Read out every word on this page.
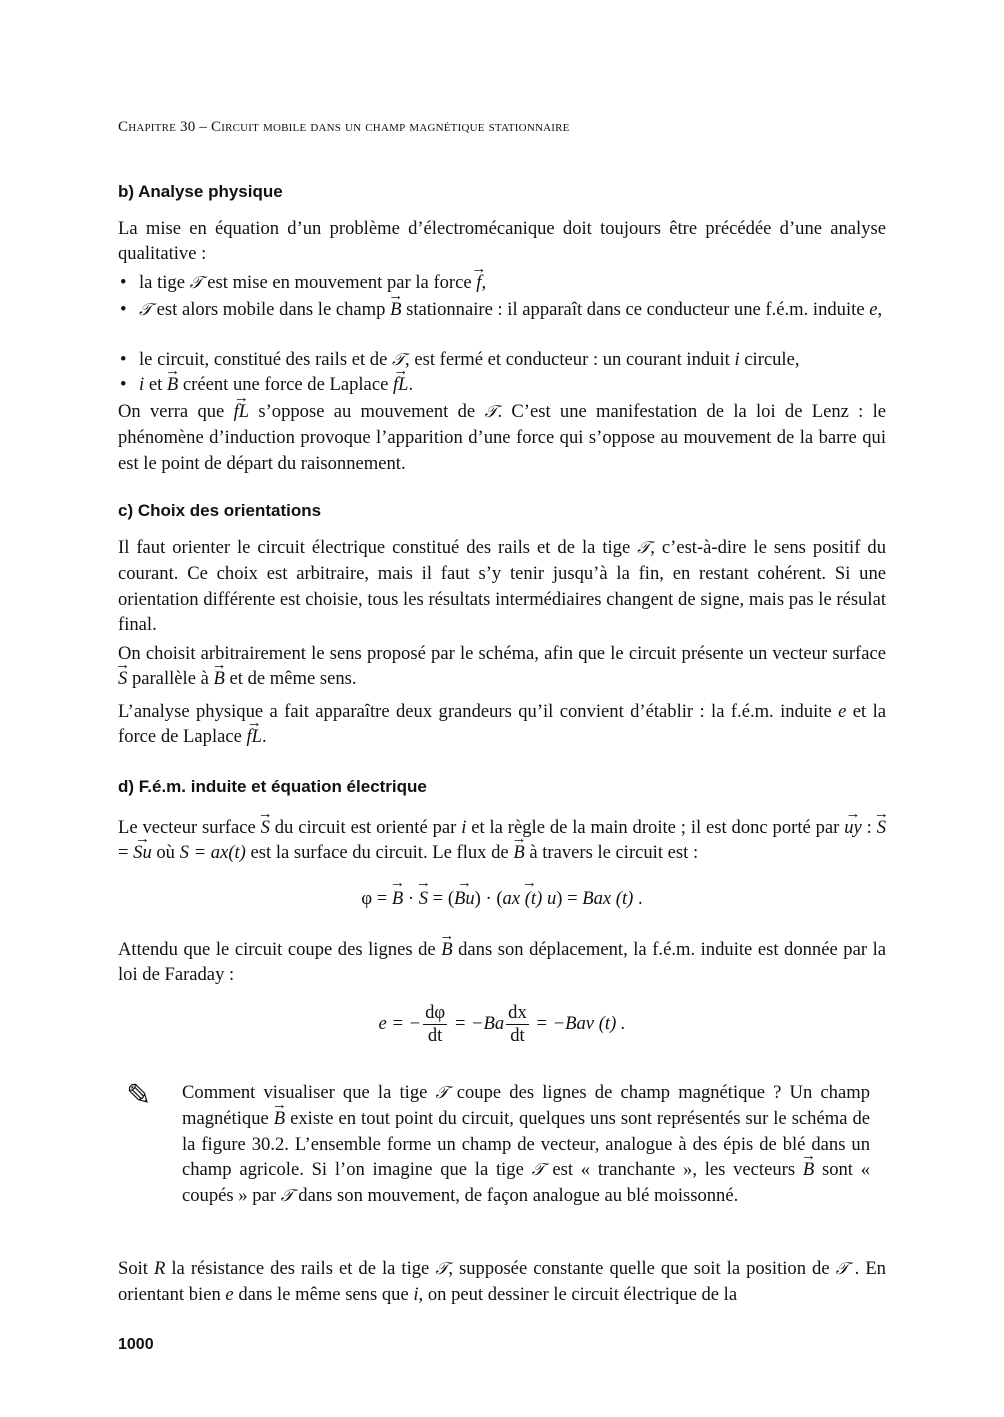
Chapitre 30 – Circuit mobile dans un champ magnétique stationnaire
b) Analyse physique

La mise en équation d’un problème d’électromécanique doit toujours être précédée d’une analyse qualitative :

• la tige 𝒯 est mise en mouvement par la force → f,
• 𝒯 est alors mobile dans le champ → B stationnaire : il apparaît dans ce conducteur une f.é.m. induite e,
• le circuit, constitué des rails et de 𝒯, est fermé et conducteur : un courant induit i circule,
• i et → B créent une force de Laplace → fL.

On verra que → fL s’oppose au mouvement de 𝒯. C’est une manifestation de la loi de Lenz : le phénomène d’induction provoque l’apparition d’une force qui s’oppose au mouvement de la barre qui est le point de départ du raisonnement.

c) Choix des orientations

Il faut orienter le circuit électrique constitué des rails et de la tige 𝒯, c’est-à-dire le sens positif du courant. Ce choix est arbitraire, mais il faut s’y tenir jusqu’à la fin, en restant cohérent. Si une orientation différente est choisie, tous les résultats intermédiaires changent de signe, mais pas le résulat final.

On choisit arbitrairement le sens proposé par le schéma, afin que le circuit présente un vecteur surface → S parallèle à → B et de même sens.

L’analyse physique a fait apparaître deux grandeurs qu’il convient d’établir : la f.é.m. induite e et la force de Laplace → fL.

d) F.é.m. induite et équation électrique

Le vecteur surface → S du circuit est orienté par i et la règle de la main droite ; il est donc porté par → uy : → S = → Su où S = ax(t) est la surface du circuit. Le flux de → B à travers le circuit est :

φ = → B · → S = (→ Bu) · (→ ax (t) u) = Bax (t) .

Attendu que le circuit coupe des lignes de → B dans son déplacement, la f.é.m. induite est donnée par la loi de Faraday :

e = − $\frac{d\varphi}{dt} = -Ba \frac{dx}{dt} = -Bav$ (t) .
✎ Comment visualiser que la tige 𝒯 coupe des lignes de champ magnétique ? Un champ magnétique → B existe en tout point du circuit, quelques uns sont représentés sur le schéma de la figure 30.2. L’ensemble forme un champ de vecteur, analogue à des épis de blé dans un champ agricole. Si l’on imagine que la tige 𝒯 est « tranchante », les vecteurs → B sont « coupés » par 𝒯 dans son mouvement, de façon analogue au blé moissonné.

Soit R la résistance des rails et de la tige 𝒯, supposée constante quelle que soit la position de 𝒯 . En orientant bien e dans le même sens que i, on peut dessiner le circuit électrique de la

1000
